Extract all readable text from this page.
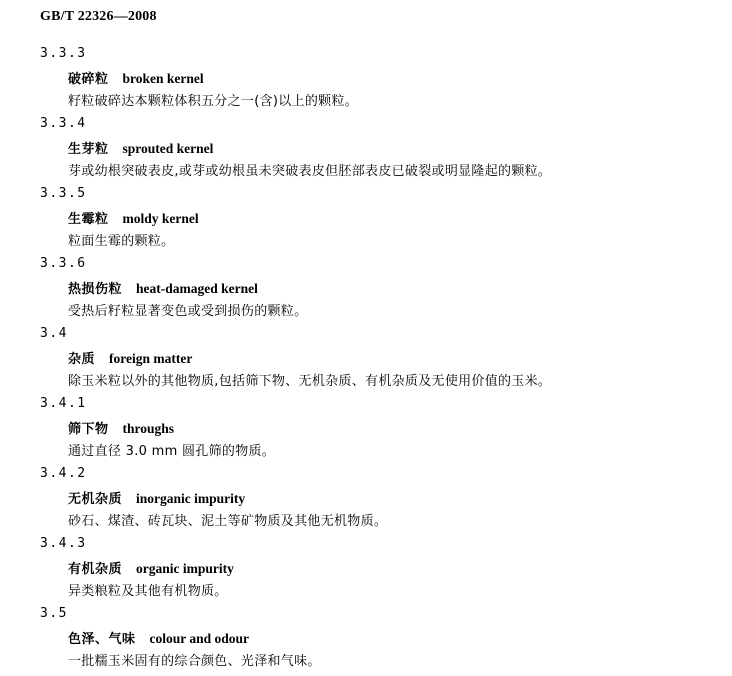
GB/T 22326—2008
3.3.3
破碎粒 broken kernel
籽粒破碎达本颗粒体积五分之一(含)以上的颗粒。
3.3.4
生芽粒 sprouted kernel
芽或幼根突破表皮,或芽或幼根虽未突破表皮但胚部表皮已破裂或明显隆起的颗粒。
3.3.5
生霉粒 moldy kernel
粒面生霉的颗粒。
3.3.6
热损伤粒 heat-damaged kernel
受热后籽粒显著变色或受到损伤的颗粒。
3.4
杂质 foreign matter
除玉米粒以外的其他物质,包括筛下物、无机杂质、有机杂质及无使用价值的玉米。
3.4.1
筛下物 throughs
通过直径 3.0 mm 圆孔筛的物质。
3.4.2
无机杂质 inorganic impurity
砂石、煤渣、砖瓦块、泥土等矿物质及其他无机物质。
3.4.3
有机杂质 organic impurity
异类粮粒及其他有机物质。
3.5
色泽、气味 colour and odour
一批糯玉米固有的综合颜色、光泽和气味。
